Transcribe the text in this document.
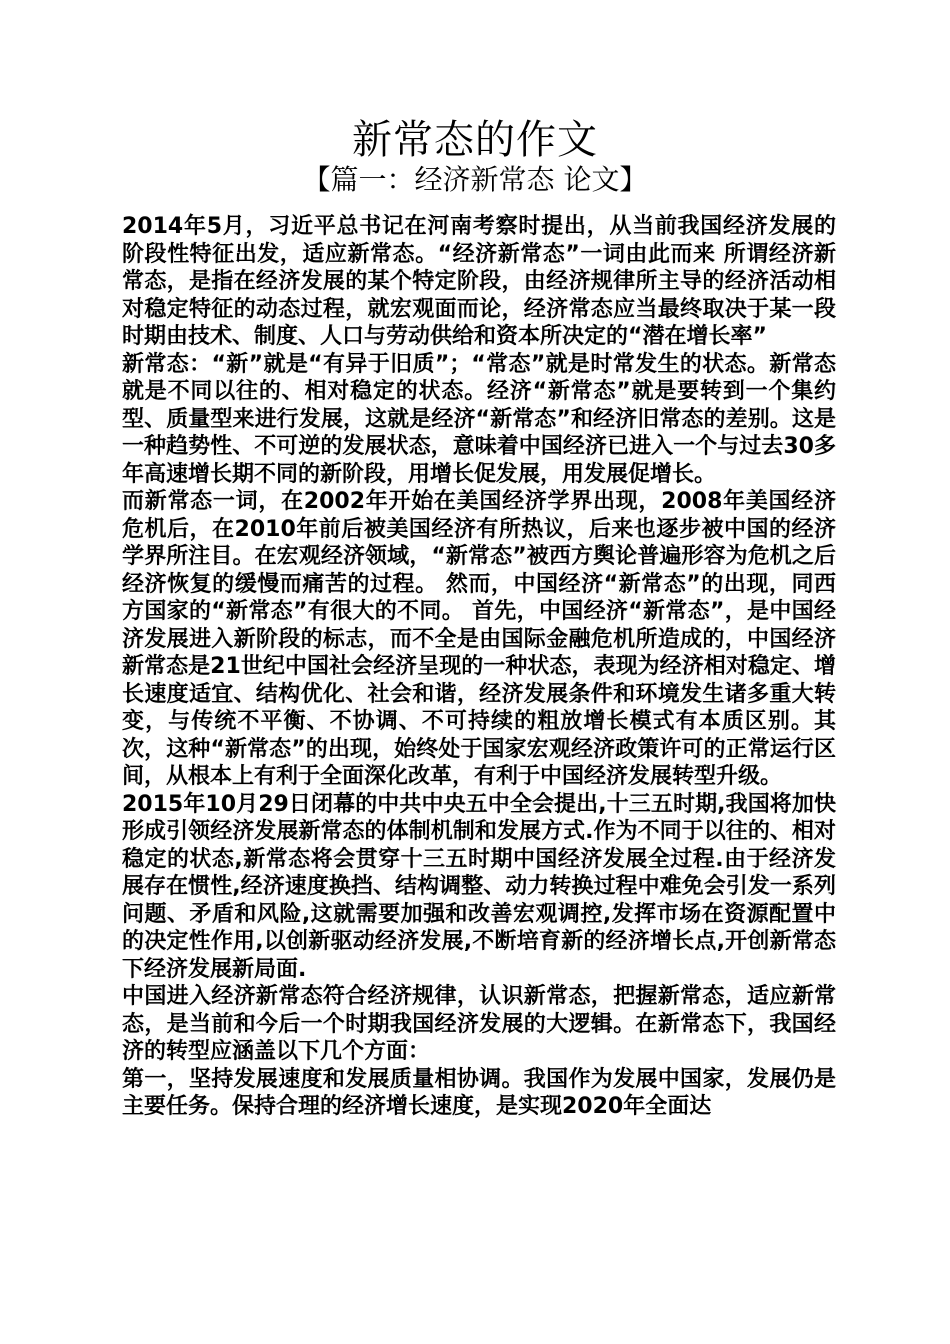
新常态的作文
【篇一：经济新常态 论文】

2014年5月，习近平总书记在河南考察时提出，从当前我国经济发展的阶段性特征出发，适应新常态。“经济新常态”一词由此而来 所谓经济新常态，是指在经济发展的某个特定阶段，由经济规律所主导的经济活动相对稳定特征的动态过程，就宏观面而论，经济常态应当最终取决于某一段时期由技术、制度、人口与劳动供给和资本所决定的“潜在增长率”

新常态：“新”就是“有异于旧质”；“常态”就是时常发生的状态。新常态就是不同以往的、相对稳定的状态。经济“新常态”就是要转到一个集约型、质量型来进行发展，这就是经济“新常态”和经济旧常态的差别。这是一种趋势性、不可逆的发展状态，意味着中国经济已进入一个与过去30多年高速增长期不同的新阶段，用增长促发展，用发展促增长。

而新常态一词，在2002年开始在美国经济学界出现，2008年美国经济危机后，在2010年前后被美国经济有所热议，后来也逐步被中国的经济学界所注目。在宏观经济领域，“新常态”被西方舆论普遍形容为危机之后经济恢复的缓慢而痛苦的过程。 然而，中国经济“新常态”的出现，同西方国家的“新常态”有很大的不同。 首先，中国经济“新常态”，是中国经济发展进入新阶段的标志，而不全是由国际金融危机所造成的，中国经济新常态是21世纪中国社会经济呈现的一种状态，表现为经济相对稳定、增长速度适宜、结构优化、社会和谐，经济发展条件和环境发生诸多重大转变，与传统不平衡、不协调、不可持续的粗放增长模式有本质区别。其次，这种“新常态”的出现，始终处于国家宏观经济政策许可的正常运行区间，从根本上有利于全面深化改革，有利于中国经济发展转型升级。

2015年10月29日闭幕的中共中央五中全会提出,十三五时期,我国将加快形成引领经济发展新常态的体制机制和发展方式.作为不同于以往的、相对稳定的状态,新常态将会贯穿十三五时期中国经济发展全过程.由于经济发展存在惯性,经济速度换挡、结构调整、动力转换过程中难免会引发一系列问题、矛盾和风险,这就需要加强和改善宏观调控,发挥市场在资源配置中的决定性作用,以创新驱动经济发展,不断培育新的经济增长点,开创新常态下经济发展新局面.

中国进入经济新常态符合经济规律，认识新常态，把握新常态，适应新常态，是当前和今后一个时期我国经济发展的大逻辑。在新常态下，我国经济的转型应涵盖以下几个方面：

第一，坚持发展速度和发展质量相协调。我国作为发展中国家，发展仍是主要任务。保持合理的经济增长速度，是实现2020年全面达
